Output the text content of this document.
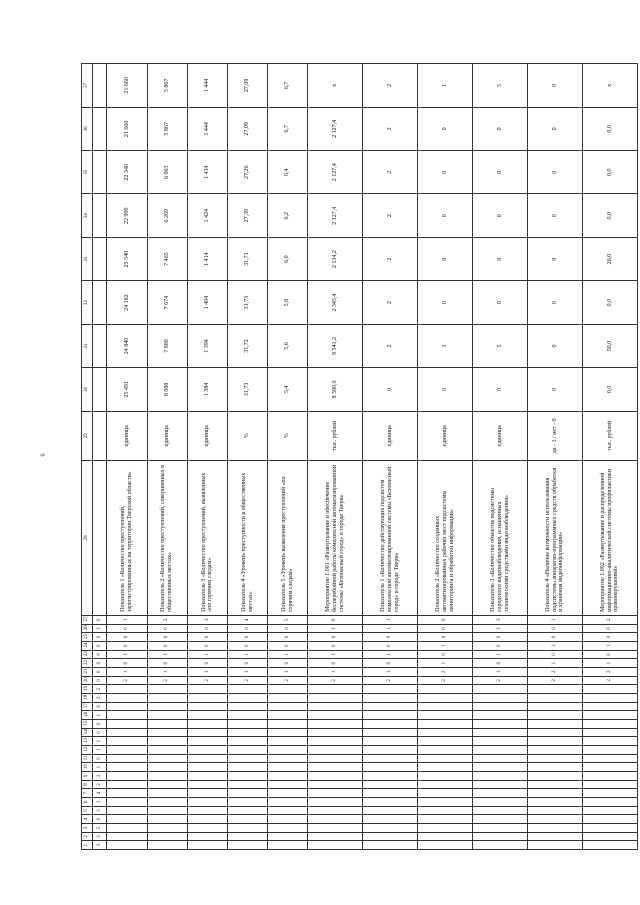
6
1	2	3	4	5	6	7	8	9	10	11	12	13	14	15	16	17	18	19	20	21	22	23	24	25	26	27	28	29	30	31	32	33	34	35	36	37
3	3	5	0	3	1	4	2	2	1	0	1	1	0	0	1	6	2	2	0	0	0	0	0	0	1	0										
																			2	1	0	1	0	0	0	1	Показатель 1 «Количество преступлений, зарегистрированных на территории Тверской области»	единица	25 491	24 840	24 182	23 540	22 900	22 340	21 660	21 660
																			2	1	0	1	0	0	0	2	Показатель 2 «Количество преступлений, совершенных в общественных местах»	единица	8 088	7 880	7 674	7 465	6 269	6 063	5 867	5 867
																			2	1	0	1	0	0	0	3	Показатель 3 «Количество преступлений, выявленных «по горячим следам»	единица	1 384	1 394	1 404	1 414	1 424	1 434	1 444	1 444
																			2	1	0	1	0	0	0	4	Показатель 4 «Уровень преступности в общественных местах»	%	31,73	31,72	31,73	31,71	27,39	27,26	27,09	27,09
																			2	1	0	1	0	0	0	5	Показатель 5 «Уровень выявления преступлений «по горячим следам»	%	5,4	5,6	5,8	6,0	6,2	6,4	6,7	6,7
																			2	1	0	1	0	0	1	0	Мероприятие 1.001 «Развертывание и обеспечение бесперебойной работы комплексной автоматизированной системы «Безопасный город» в городе Твери»	тыс. рублей	8 580,0	9 541,2	2 345,4	2 134,2	2 127,4	2 127,4	2 127,4	х
																			2	1	0	1	0	0	1	1	Показатель 1 «Количество действующих подсистем комплексной автоматизированной системы «Безопасный город» в городе Твери»	единица	0	2	2	2	2	2	2	2
																			2	2	1	0	1	0	0	9	Показатель 2 «Количество созданных автоматизированных рабочих мест подсистемы мониторинга и обработки информации»	единица	0	1	0	0	0	0	0	1
																			2	1	0	1	0	0	1	3	Показатель 3 «Количество объектов подсистемы городского видеонаблюдения, оснащенных техническими средствами видеонаблюдения»	единица	0	5	0	0	0	0	0	5
																			2	2	1	0	1	0	0	1	Показатель 4 «Наличие возможности использования подсистемы аппаратно-программных средств обработки и хранения видеоинформации»	да - 1 / нет - 0	0	0	0	0	0	0	0	0
																			2	2	1	0	1	0	0	2	Мероприятие 1.002 «Развертывание и распределенной информационно-аналитической системы профилактики правонарушений»	тыс. рублей	0,0	50,0	0,0	26,0	0,0	0,0	0,0	х
